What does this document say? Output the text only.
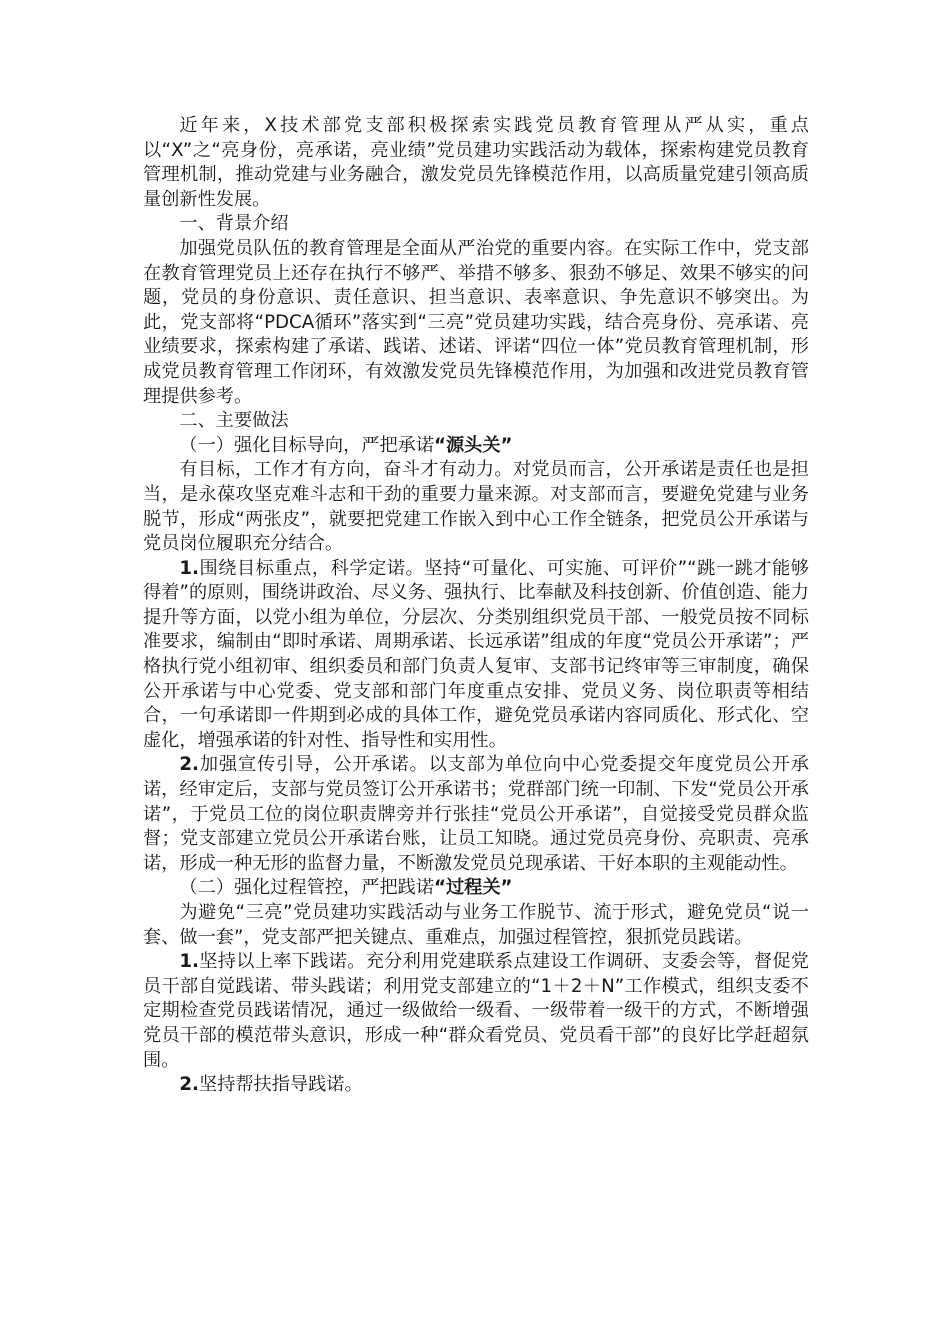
近年来，X技术部党支部积极探索实践党员教育管理从严从实，重点以“X”之“亮身份，亮承诺，亮业绩”党员建功实践活动为载体，探索构建党员教育管理机制，推动党建与业务融合，激发党员先锋模范作用，以高质量党建引领高质量创新性发展。

一、背景介绍

加强党员队伍的教育管理是全面从严治党的重要内容。在实际工作中，党支部在教育管理党员上还存在执行不够严、举措不够多、狠劲不够足、效果不够实的问题，党员的身份意识、责任意识、担当意识、表率意识、争先意识不够突出。为此，党支部将“PDCA循环”落实到“三亮”党员建功实践，结合亮身份、亮承诺、亮业绩要求，探索构建了承诺、践诺、述诺、评诺“四位一体”党员教育管理机制，形成党员教育管理工作闭环，有效激发党员先锋模范作用，为加强和改进党员教育管理提供参考。

二、主要做法

（一）强化目标导向，严把承诺“源头关”

有目标，工作才有方向，奋斗才有动力。对党员而言，公开承诺是责任也是担当，是永葆攻坚克难斗志和干劲的重要力量来源。对支部而言，要避免党建与业务脱节，形成“两张皮”，就要把党建工作嵌入到中心工作全链条，把党员公开承诺与党员岗位履职充分结合。

1.围绕目标重点，科学定诺。坚持“可量化、可实施、可评价”“跳一跳才能够得着”的原则，围绕讲政治、尽义务、强执行、比奉献及科技创新、价值创造、能力提升等方面，以党小组为单位，分层次、分类别组织党员干部、一般党员按不同标准要求，编制由“即时承诺、周期承诺、长远承诺”组成的年度“党员公开承诺”；严格执行党小组初审、组织委员和部门负责人复审、支部书记终审等三审制度，确保公开承诺与中心党委、党支部和部门年度重点安排、党员义务、岗位职责等相结合，一句承诺即一件期到必成的具体工作，避免党员承诺内容同质化、形式化、空虚化，增强承诺的针对性、指导性和实用性。

2.加强宣传引导，公开承诺。以支部为单位向中心党委提交年度党员公开承诺，经审定后，支部与党员签订公开承诺书；党群部门统一印制、下发“党员公开承诺”，于党员工位的岗位职责牌旁并行张挂“党员公开承诺”，自觉接受党员群众监督；党支部建立党员公开承诺台账，让员工知晓。通过党员亮身份、亮职责、亮承诺，形成一种无形的监督力量，不断激发党员兑现承诺、干好本职的主观能动性。

（二）强化过程管控，严把践诺“过程关”

为避免“三亮”党员建功实践活动与业务工作脱节、流于形式，避免党员“说一套、做一套”，党支部严把关键点、重难点，加强过程管控，狠抓党员践诺。

1.坚持以上率下践诺。充分利用党建联系点建设工作调研、支委会等，督促党员干部自觉践诺、带头践诺；利用党支部建立的“1＋2＋N”工作模式，组织支委不定期检查党员践诺情况，通过一级做给一级看、一级带着一级干的方式，不断增强党员干部的模范带头意识，形成一种“群众看党员、党员看干部”的良好比学赶超氛围。

2.坚持帮扶指导践诺。
